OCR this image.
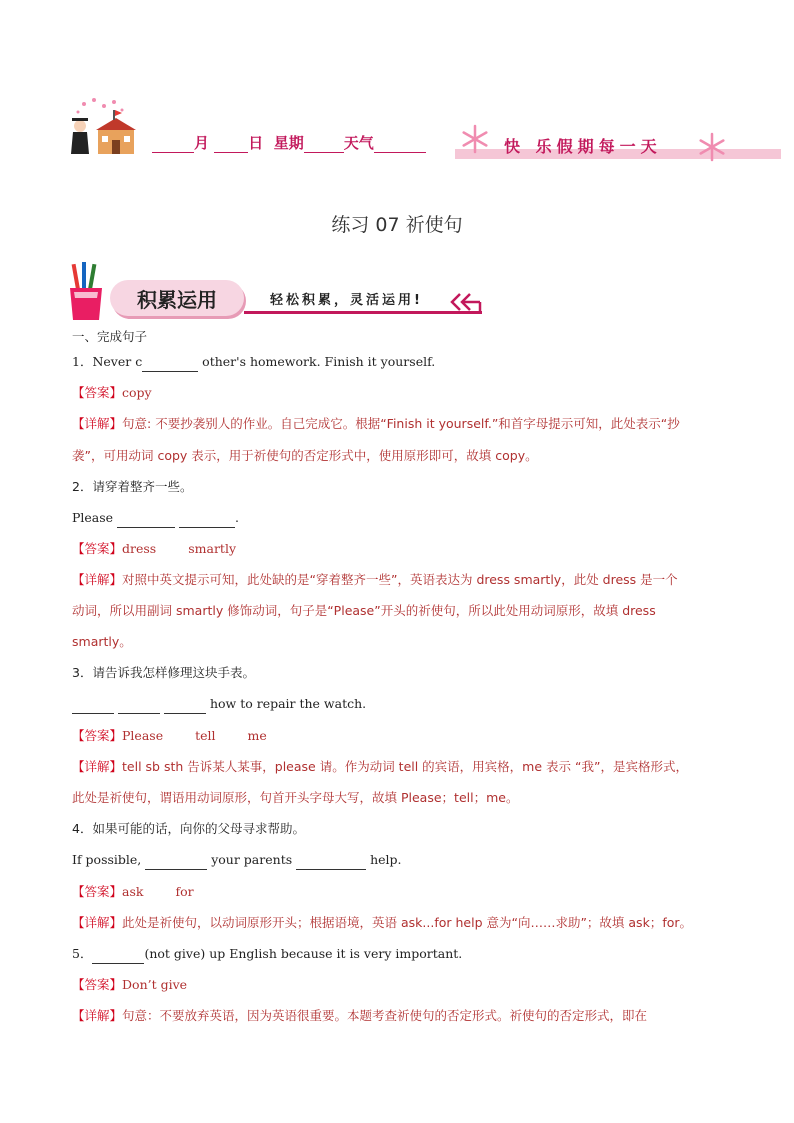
月	日 星期	天气	快 乐假期每一天
练习 07 祈使句
积累运用	轻松积累，灵活运用!
一、完成句子
1．Never c	other's homework. Finish it yourself.
【答案】copy
【详解】句意: 不要抄袭别人的作业。自己完成它。根据“Finish it yourself.”和首字母提示可知，此处表示“抄
袭”，可用动词 copy 表示，用于祈使句的否定形式中，使用原形即可，故填 copy。
2．请穿着整齐一些。
Please	.
【答案】dress	smartly
【详解】对照中英文提示可知，此处缺的是“穿着整齐一些”，英语表达为 dress smartly，此处 dress 是一个
动词，所以用副词 smartly 修饰动词，句子是“Please”开头的祈使句，所以此处用动词原形，故填 dress
smartly。
3．请告诉我怎样修理这块手表。
how to repair the watch.
【答案】Please	tell	me
【详解】tell sb sth 告诉某人某事，please 请。作为动词 tell 的宾语，用宾格，me 表示 “我”，是宾格形式，
此处是祈使句，谓语用动词原形，句首开头字母大写，故填 Please；tell；me。
4．如果可能的话，向你的父母寻求帮助。
If possible,	your parents	help.
【答案】ask	for
【详解】此处是祈使句，以动词原形开头；根据语境，英语 ask...for help 意为“向……求助”；故填 ask；for。
5．	(not give) up English because it is very important.
【答案】Don’t give
【详解】句意：不要放弃英语，因为英语很重要。本题考查祈使句的否定形式。祈使句的否定形式，即在
